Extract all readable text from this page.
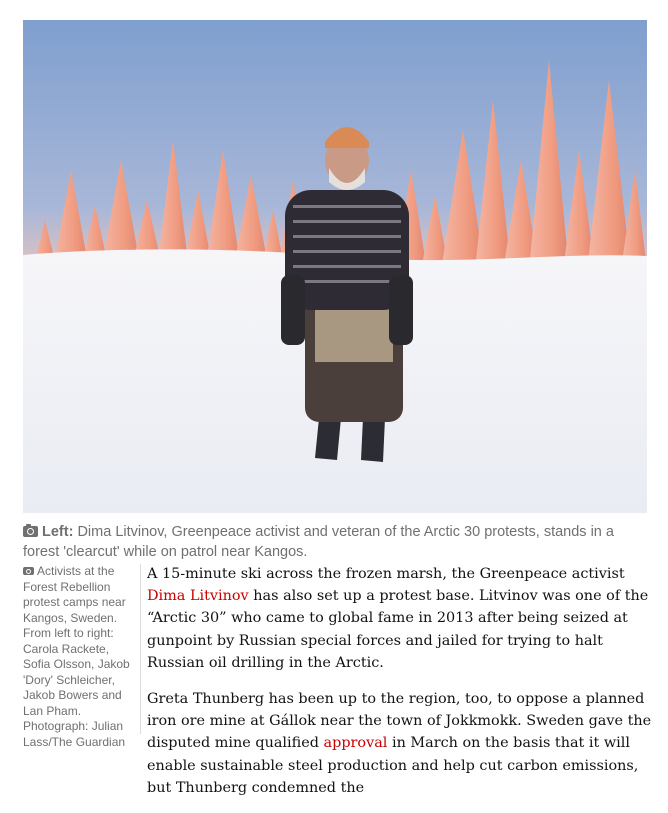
Left: Dima Litvinov, Greenpeace activist and veteran of the Arctic 30 protests, stands in a forest 'clearcut' while on patrol near Kangos.
Activists at the Forest Rebellion protest camps near Kangos, Sweden. From left to right: Carola Rackete, Sofia Olsson, Jakob 'Dory' Schleicher, Jakob Bowers and Lan Pham. Photograph: Julian Lass/The Guardian

A 15-minute ski across the frozen marsh, the Greenpeace activist Dima Litvinov has also set up a protest base. Litvinov was one of the “Arctic 30” who came to global fame in 2013 after being seized at gunpoint by Russian special forces and jailed for trying to halt Russian oil drilling in the Arctic.

Greta Thunberg has been up to the region, too, to oppose a planned iron ore mine at Gállok near the town of Jokkmokk. Sweden gave the disputed mine qualified approval in March on the basis that it will enable sustainable steel production and help cut carbon emissions, but Thunberg condemned the
